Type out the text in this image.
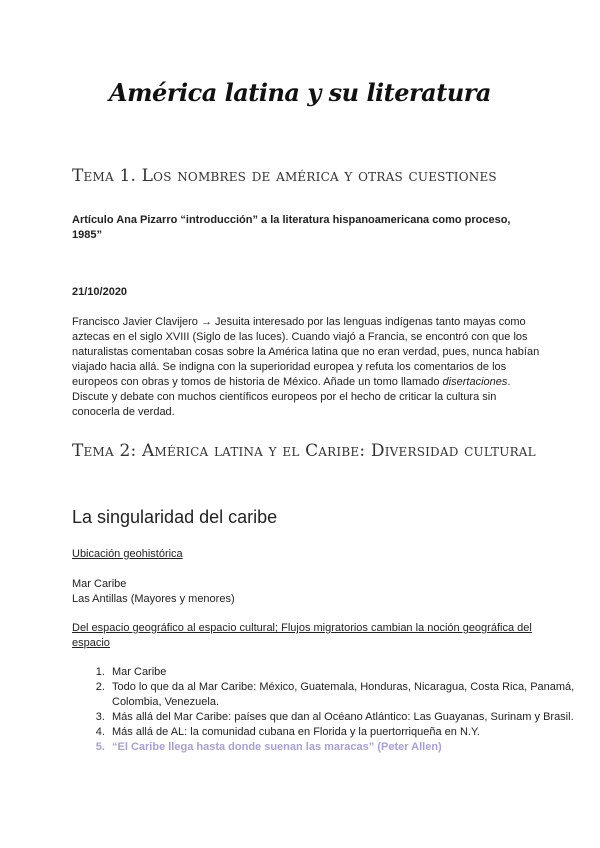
América latina y su literatura
Tema 1. Los nombres de américa y otras cuestiones
Artículo Ana Pizarro “introducción” a la literatura hispanoamericana como proceso, 1985”
21/10/2020
Francisco Javier Clavijero → Jesuita interesado por las lenguas indígenas tanto mayas como aztecas en el siglo XVIII (Siglo de las luces). Cuando viajó a Francia, se encontró con que los naturalistas comentaban cosas sobre la América latina que no eran verdad, pues, nunca habían viajado hacia allá. Se indigna con la superioridad europea y refuta los comentarios de los europeos con obras y tomos de historia de México. Añade un tomo llamado disertaciones. Discute y debate con muchos científicos europeos por el hecho de criticar la cultura sin conocerla de verdad.
Tema 2: América latina y el Caribe: Diversidad cultural
La singularidad del caribe
Ubicación geohistórica
Mar Caribe
Las Antillas (Mayores y menores)
Del espacio geográfico al espacio cultural; Flujos migratorios cambian la noción geográfica del espacio
1. Mar Caribe
2. Todo lo que da al Mar Caribe: México, Guatemala, Honduras, Nicaragua, Costa Rica, Panamá, Colombia, Venezuela.
3. Más allá del Mar Caribe: países que dan al Océano Atlántico: Las Guayanas, Surinam y Brasil.
4. Más allá de AL: la comunidad cubana en Florida y la puertorriqueña en N.Y.
5. “El Caribe llega hasta donde suenan las maracas” (Peter Allen)
